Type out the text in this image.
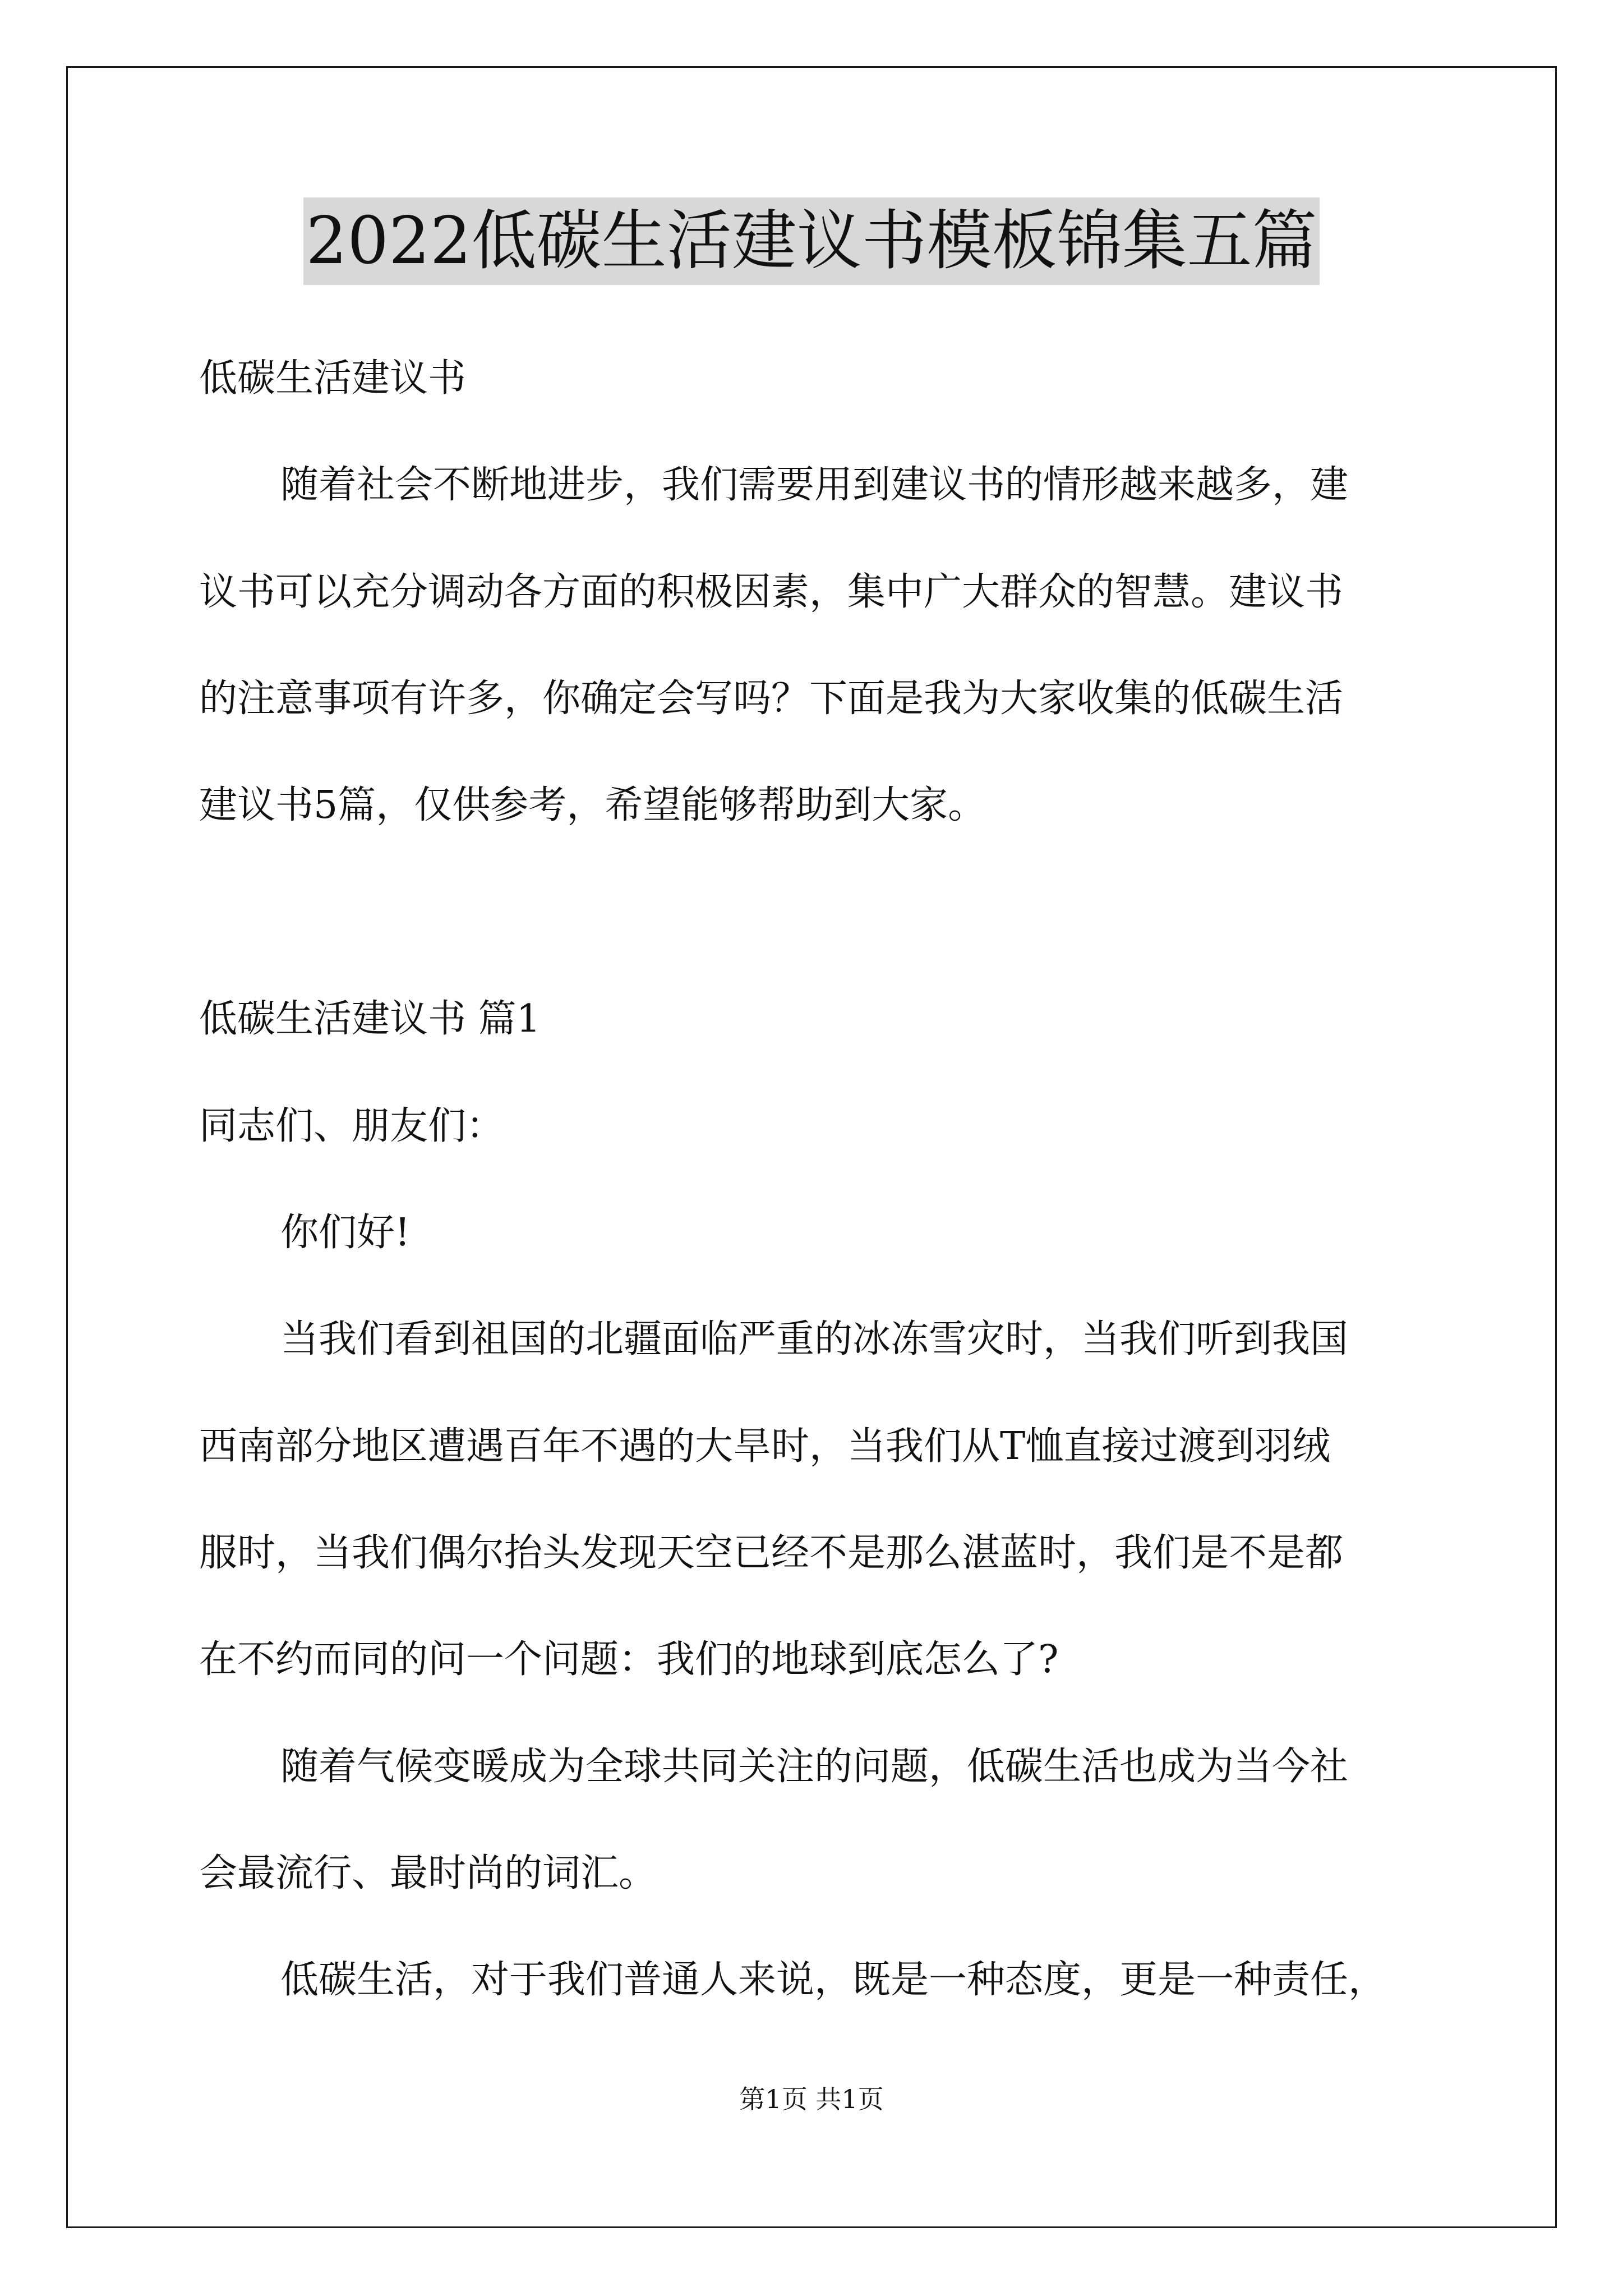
2022低碳生活建议书模板锦集五篇

低碳生活建议书

随着社会不断地进步，我们需要用到建议书的情形越来越多，建

议书可以充分调动各方面的积极因素，集中广大群众的智慧。建议书

的注意事项有许多，你确定会写吗？下面是我为大家收集的低碳生活

建议书5篇，仅供参考，希望能够帮助到大家。

低碳生活建议书 篇1

同志们、朋友们：

你们好!

当我们看到祖国的北疆面临严重的冰冻雪灾时，当我们听到我国

西南部分地区遭遇百年不遇的大旱时，当我们从T恤直接过渡到羽绒

服时，当我们偶尔抬头发现天空已经不是那么湛蓝时，我们是不是都

在不约而同的问一个问题：我们的地球到底怎么了?

随着气候变暖成为全球共同关注的问题，低碳生活也成为当今社

会最流行、最时尚的词汇。

低碳生活，对于我们普通人来说，既是一种态度，更是一种责任，

第1页 共1页
